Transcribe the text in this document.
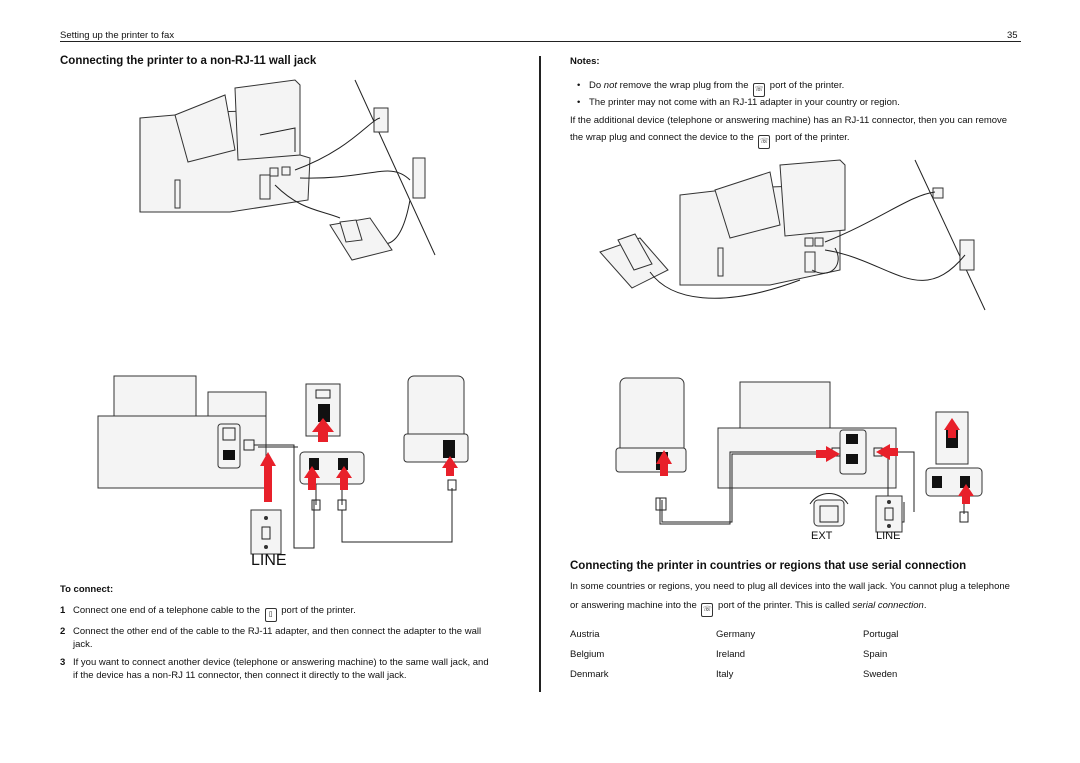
Setting up the printer to fax	35
Connecting the printer to a non-RJ-11 wall jack
LINE
To connect:
1 Connect one end of a telephone cable to the ▯ port of the printer.
2 Connect the other end of the cable to the RJ-11 adapter, and then connect the adapter to the wall
jack.
3 If you want to connect another device (telephone or answering machine) to the same wall jack, and
if the device has a non-RJ 11 connector, then connect it directly to the wall jack.
Notes:
• Do not remove the wrap plug from the ☏ port of the printer.
• The printer may not come with an RJ-11 adapter in your country or region.
If the additional device (telephone or answering machine) has an RJ-11 connector, then you can remove
the wrap plug and connect the device to the ☏ port of the printer.
EXT	LINE
Connecting the printer in countries or regions that use serial connection
In some countries or regions, you need to plug all devices into the wall jack. You cannot plug a telephone
or answering machine into the ☏ port of the printer. This is called serial connection.
Austria	Germany	Portugal
Belgium	Ireland	Spain
Denmark	Italy	Sweden
